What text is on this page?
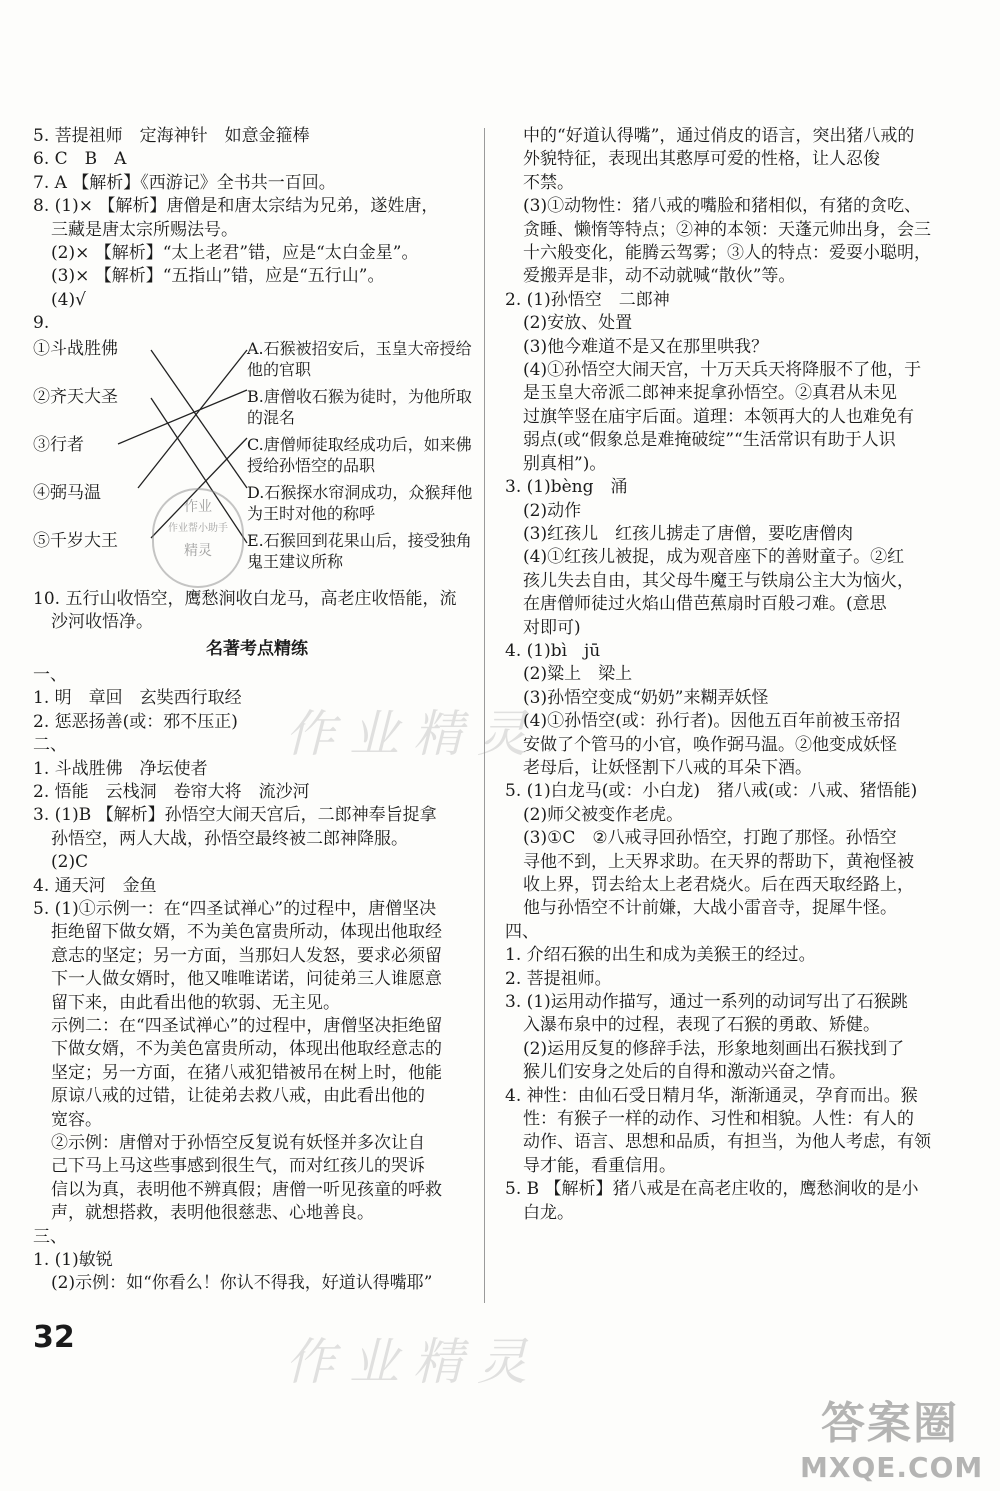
5. 菩提祖师　定海神针　如意金箍棒
6. C　B　A
7. A 【解析】《西游记》全书共一百回。
8. (1)× 【解析】唐僧是和唐太宗结为兄弟，遂姓唐，
三藏是唐太宗所赐法号。
(2)× 【解析】“太上老君”错，应是“太白金星”。
(3)× 【解析】“五指山”错，应是“五行山”。
(4)√
9.
①斗战胜佛
②齐天大圣
③行者
④弼马温
⑤千岁大王
A.石猴被招安后，玉皇大帝授给他的官职
B.唐僧收石猴为徒时，为他所取的混名
C.唐僧师徒取经成功后，如来佛授给孙悟空的品职
D.石猴探水帘洞成功，众猴拜他为王时对他的称呼
E.石猴回到花果山后，接受独角鬼王建议所称
10. 五行山收悟空，鹰愁涧收白龙马，高老庄收悟能，流
沙河收悟净。
名著考点精练
一、
1. 明　章回　玄奘西行取经
2. 惩恶扬善(或：邪不压正)
二、
1. 斗战胜佛　净坛使者
2. 悟能　云栈洞　卷帘大将　流沙河
3. (1)B 【解析】孙悟空大闹天宫后，二郎神奉旨捉拿
孙悟空，两人大战，孙悟空最终被二郎神降服。
(2)C
4. 通天河　金鱼
5. (1)①示例一：在“四圣试禅心”的过程中，唐僧坚决
拒绝留下做女婿，不为美色富贵所动，体现出他取经
意志的坚定；另一方面，当那妇人发怒，要求必须留
下一人做女婿时，他又唯唯诺诺，问徒弟三人谁愿意
留下来，由此看出他的软弱、无主见。
示例二：在“四圣试禅心”的过程中，唐僧坚决拒绝留
下做女婿，不为美色富贵所动，体现出他取经意志的
坚定；另一方面，在猪八戒犯错被吊在树上时，他能
原谅八戒的过错，让徒弟去救八戒，由此看出他的
宽容。
②示例：唐僧对于孙悟空反复说有妖怪并多次让自
己下马上马这些事感到很生气，而对红孩儿的哭诉
信以为真，表明他不辨真假；唐僧一听见孩童的呼救
声，就想搭救，表明他很慈悲、心地善良。
三、
1. (1)敏锐
(2)示例：如“你看么！你认不得我，好道认得嘴耶”
中的“好道认得嘴”，通过俏皮的语言，突出猪八戒的
外貌特征，表现出其憨厚可爱的性格，让人忍俊
不禁。
(3)①动物性：猪八戒的嘴脸和猪相似，有猪的贪吃、
贪睡、懒惰等特点；②神的本领：天蓬元帅出身，会三
十六般变化，能腾云驾雾；③人的特点：爱耍小聪明，
爱搬弄是非，动不动就喊“散伙”等。
2. (1)孙悟空　二郎神
(2)安放、处置
(3)他今难道不是又在那里哄我？
(4)①孙悟空大闹天宫，十万天兵天将降服不了他，于
是玉皇大帝派二郎神来捉拿孙悟空。②真君从未见
过旗竿竖在庙宇后面。道理：本领再大的人也难免有
弱点(或“假象总是难掩破绽”“生活常识有助于人识
别真相”)。
3. (1)bèng　涌
(2)动作
(3)红孩儿　红孩儿掳走了唐僧，要吃唐僧肉
(4)①红孩儿被捉，成为观音座下的善财童子。②红
孩儿失去自由，其父母牛魔王与铁扇公主大为恼火，
在唐僧师徒过火焰山借芭蕉扇时百般刁难。(意思
对即可)
4. (1)bì　jū
(2)粱上　梁上
(3)孙悟空变成“奶奶”来糊弄妖怪
(4)①孙悟空(或：孙行者)。因他五百年前被玉帝招
安做了个管马的小官，唤作弼马温。②他变成妖怪
老母后，让妖怪割下八戒的耳朵下酒。
5. (1)白龙马(或：小白龙)　猪八戒(或：八戒、猪悟能)
(2)师父被变作老虎。
(3)①C　②八戒寻回孙悟空，打跑了那怪。孙悟空
寻他不到，上天界求助。在天界的帮助下，黄袍怪被
收上界，罚去给太上老君烧火。后在西天取经路上，
他与孙悟空不计前嫌，大战小雷音寺，捉犀牛怪。
四、
1. 介绍石猴的出生和成为美猴王的经过。
2. 菩提祖师。
3. (1)运用动作描写，通过一系列的动词写出了石猴跳
入瀑布泉中的过程，表现了石猴的勇敢、矫健。
(2)运用反复的修辞手法，形象地刻画出石猴找到了
猴儿们安身之处后的自得和激动兴奋之情。
4. 神性：由仙石受日精月华，渐渐通灵，孕育而出。猴
性：有猴子一样的动作、习性和相貌。人性：有人的
动作、语言、思想和品质，有担当，为他人考虑，有领
导才能，看重信用。
5. B 【解析】猪八戒是在高老庄收的，鹰愁涧收的是小
白龙。
作业精灵
作业精灵
作业
作业帮小助手
精灵
32
答案圈
MXQE.COM
